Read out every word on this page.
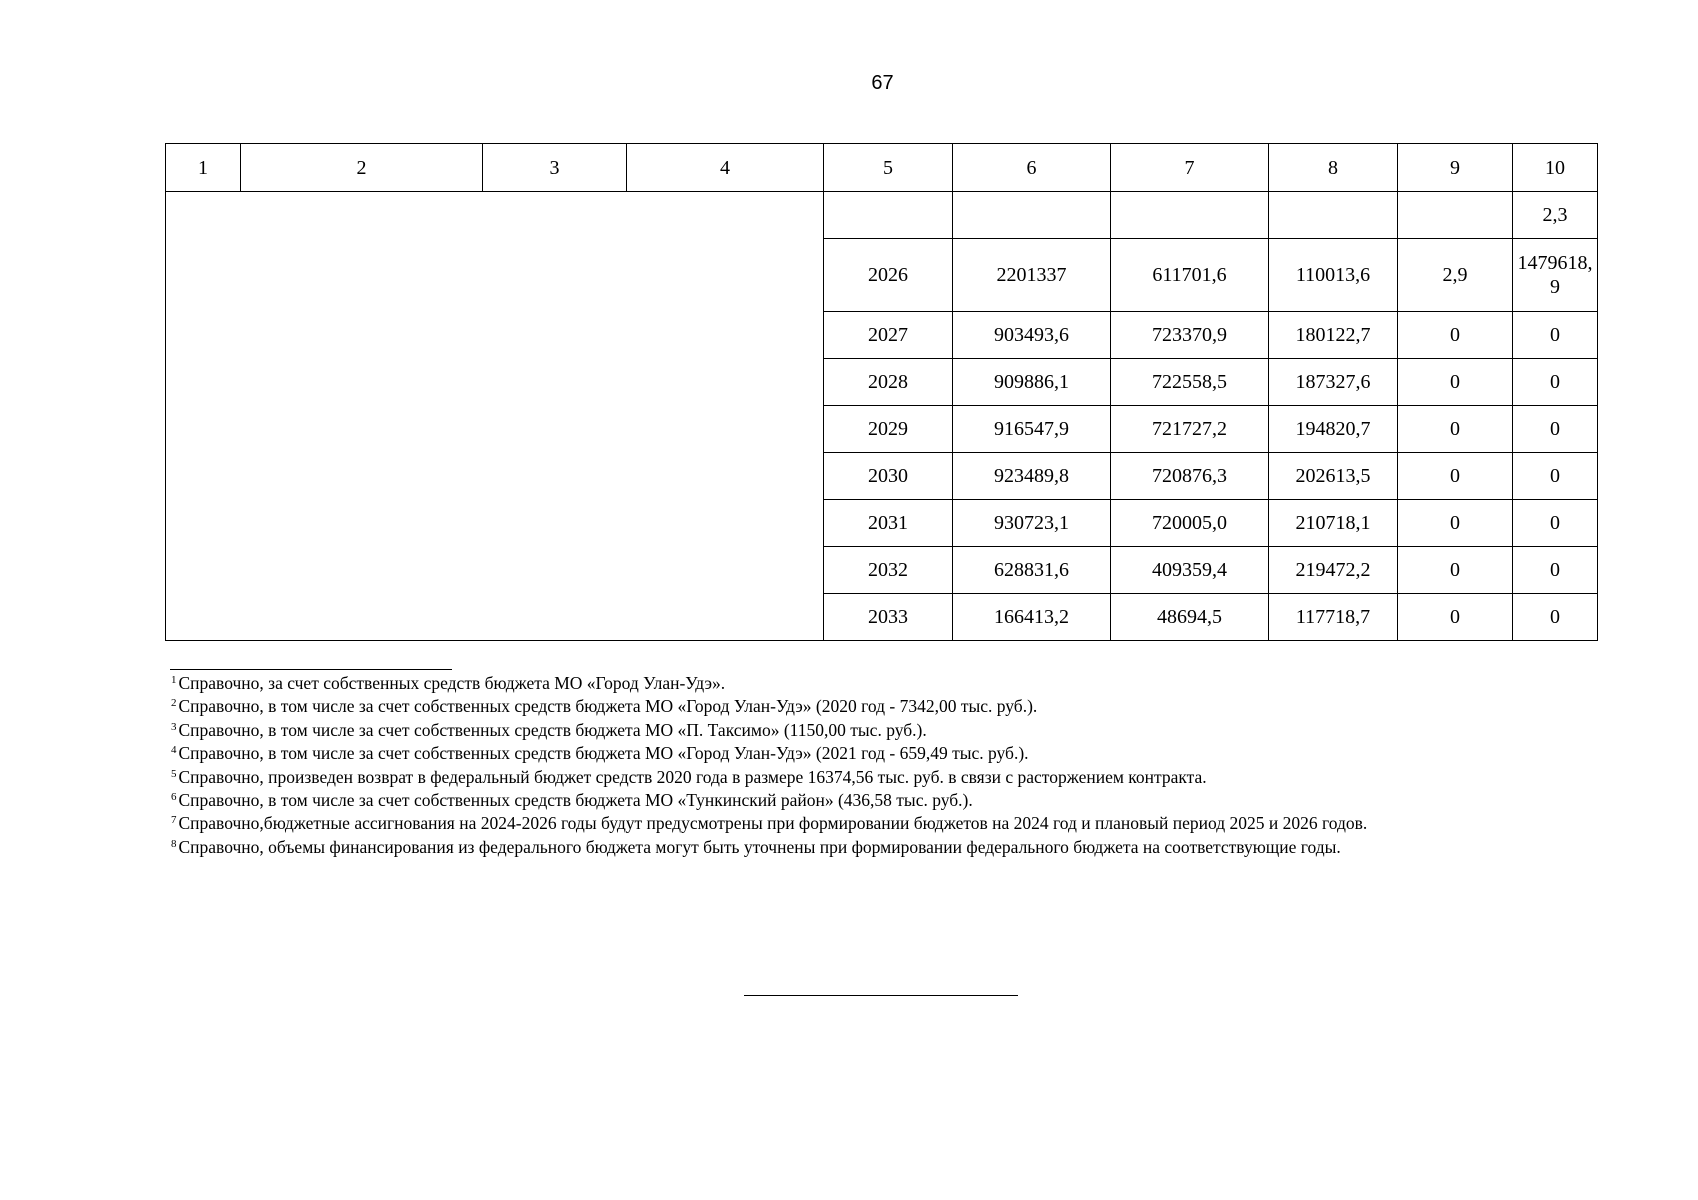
67
1	2	3	4	5	6	7	8	9	10
									2,3
				2026	2201337	611701,6	110013,6	2,9	1479618,9
				2027	903493,6	723370,9	180122,7	0	0
				2028	909886,1	722558,5	187327,6	0	0
				2029	916547,9	721727,2	194820,7	0	0
				2030	923489,8	720876,3	202613,5	0	0
				2031	930723,1	720005,0	210718,1	0	0
				2032	628831,6	409359,4	219472,2	0	0
				2033	166413,2	48694,5	117718,7	0	0
$^1$ Справочно, за счет собственных средств бюджета МО «Город Улан-Удэ».
$^2$ Справочно, в том числе за счет собственных средств бюджета МО «Город Улан-Удэ» (2020 год - 7342,00 тыс. руб.).
$^3$ Справочно, в том числе за счет собственных средств бюджета МО «П. Таксимо» (1150,00 тыс. руб.).
$^4$ Справочно, в том числе за счет собственных средств бюджета МО «Город Улан-Удэ» (2021 год - 659,49 тыс. руб.).
$^5$ Справочно, произведен возврат в федеральный бюджет средств 2020 года в размере 16374,56 тыс. руб. в связи с расторжением контракта.
$^6$ Справочно, в том числе за счет собственных средств бюджета МО «Тункинский район» (436,58 тыс. руб.).
$^7$ Справочно,бюджетные ассигнования на 2024-2026 годы будут предусмотрены при формировании бюджетов на 2024 год и плановый период 2025 и 2026 годов.
$^8$ Справочно, объемы финансирования из федерального бюджета могут быть уточнены при формировании федерального бюджета на соответствующие годы.
